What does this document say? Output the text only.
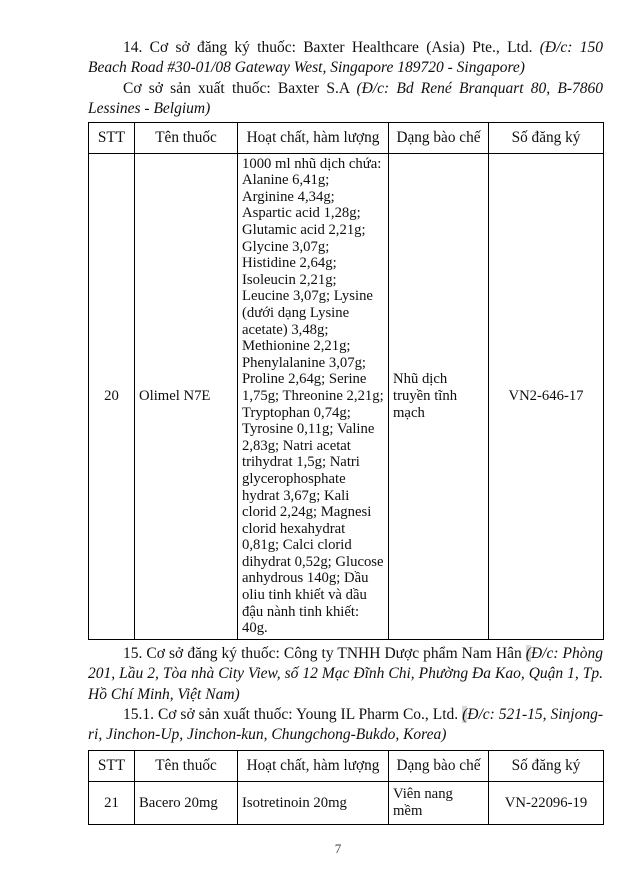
14. Cơ sở đăng ký thuốc: Baxter Healthcare (Asia) Pte., Ltd. (Đ/c: 150 Beach Road #30-01/08 Gateway West, Singapore 189720 - Singapore)

Cơ sở sản xuất thuốc: Baxter S.A (Đ/c: Bd René Branquart 80, B-7860 Lessines - Belgium)

STT	Tên thuốc	Hoạt chất, hàm lượng	Dạng bào chế	Số đăng ký
20	Olimel N7E	1000 ml nhũ dịch chứa: Alanine 6,41g; Arginine 4,34g; Aspartic acid 1,28g; Glutamic acid 2,21g; Glycine 3,07g; Histidine 2,64g; Isoleucin 2,21g; Leucine 3,07g; Lysine (dưới dạng Lysine acetate) 3,48g; Methionine 2,21g; Phenylalanine 3,07g; Proline 2,64g; Serine 1,75g; Threonine 2,21g; Tryptophan 0,74g; Tyrosine 0,11g; Valine 2,83g; Natri acetat trihydrat 1,5g; Natri glycerophosphate hydrat 3,67g; Kali clorid 2,24g; Magnesi clorid hexahydrat 0,81g; Calci clorid dihydrat 0,52g; Glucose anhydrous 140g; Dầu oliu tinh khiết và dầu đậu nành tinh khiết: 40g.	Nhũ dịch truyền tĩnh mạch	VN2-646-17

15. Cơ sở đăng ký thuốc: Công ty TNHH Dược phẩm Nam Hân (Đ/c: Phòng 201, Lầu 2, Tòa nhà City View, số 12 Mạc Đĩnh Chi, Phường Đa Kao, Quận 1, Tp. Hồ Chí Minh, Việt Nam)

15.1. Cơ sở sản xuất thuốc: Young IL Pharm Co., Ltd. (Đ/c: 521-15, Sinjong-ri, Jinchon-Up, Jinchon-kun, Chungchong-Bukdo, Korea)

STT	Tên thuốc	Hoạt chất, hàm lượng	Dạng bào chế	Số đăng ký
21	Bacero 20mg	Isotretinoin 20mg	Viên nang mềm	VN-22096-19
7
